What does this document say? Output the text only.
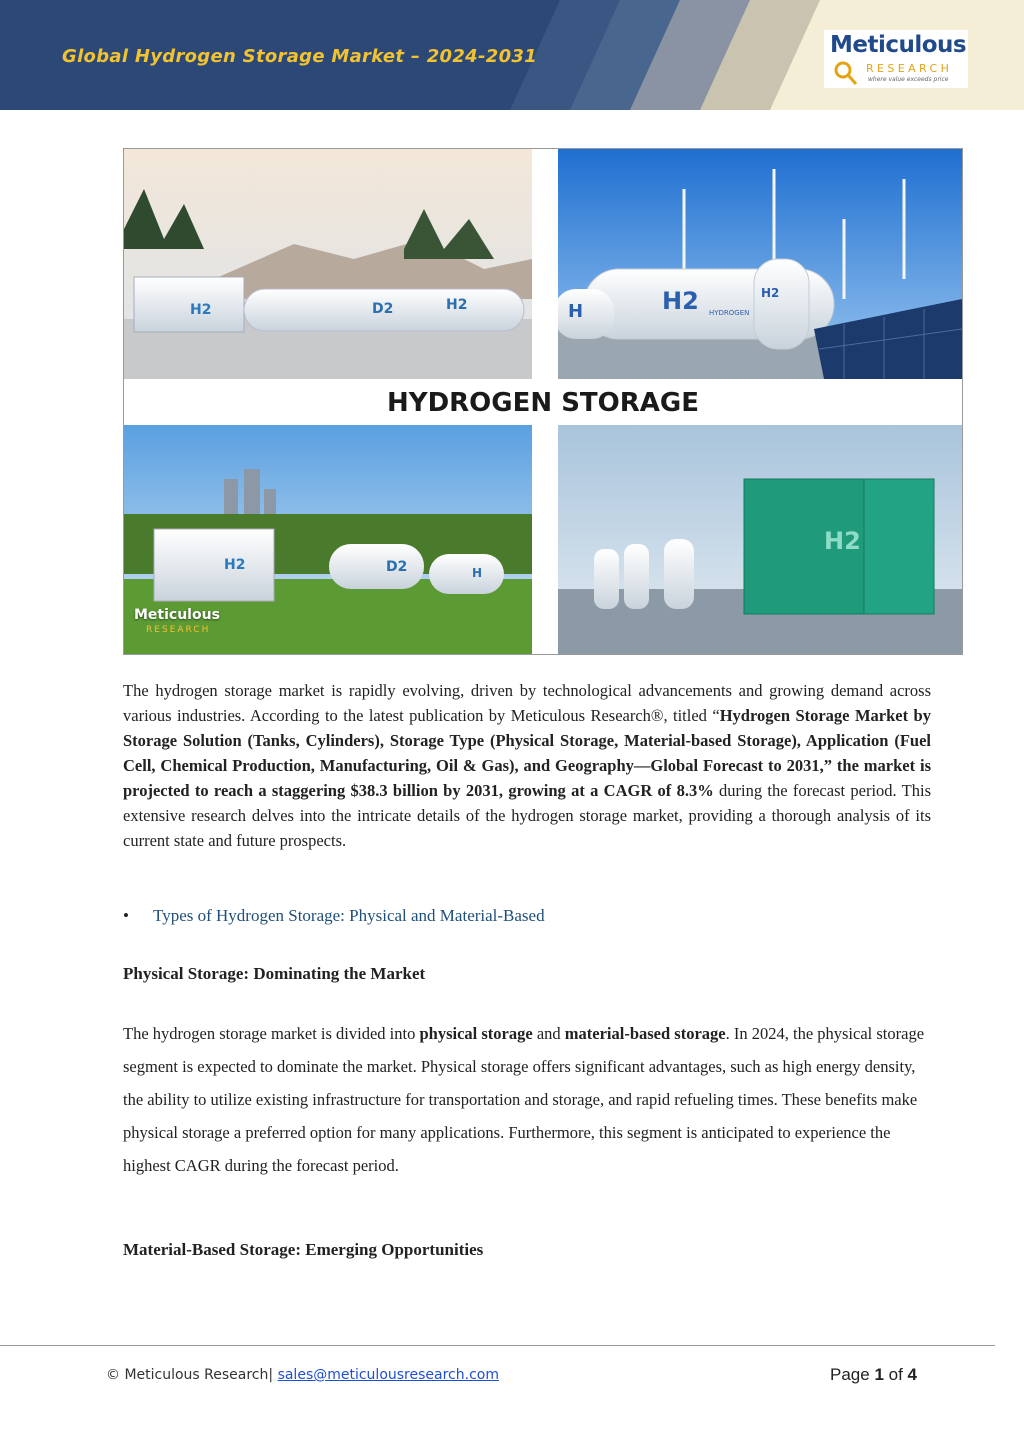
Global Hydrogen Storage Market – 2024-2031	Meticulous
RESEARCH
where value exceeds price
H2	D2	H2	H2 HYDROGEN
H
H2
H2	D2	H
H2
HYDROGEN STORAGE
Meticulous
RESEARCH
The hydrogen storage market is rapidly evolving, driven by technological advancements and growing demand across various industries. According to the latest publication by Meticulous Research®, titled “Hydrogen Storage Market by Storage Solution (Tanks, Cylinders), Storage Type (Physical Storage, Material-based Storage), Application (Fuel Cell, Chemical Production, Manufacturing, Oil & Gas), and Geography—Global Forecast to 2031,” the market is projected to reach a staggering $38.3 billion by 2031, growing at a CAGR of 8.3% during the forecast period. This extensive research delves into the intricate details of the hydrogen storage market, providing a thorough analysis of its current state and future prospects.
• Types of Hydrogen Storage: Physical and Material-Based
Physical Storage: Dominating the Market
The hydrogen storage market is divided into physical storage and material-based storage. In 2024, the physical storage segment is expected to dominate the market. Physical storage offers significant advantages, such as high energy density, the ability to utilize existing infrastructure for transportation and storage, and rapid refueling times. These benefits make physical storage a preferred option for many applications. Furthermore, this segment is anticipated to experience the highest CAGR during the forecast period.
Material-Based Storage: Emerging Opportunities
© Meticulous Research| sales@meticulousresearch.com	Page 1 of 4
